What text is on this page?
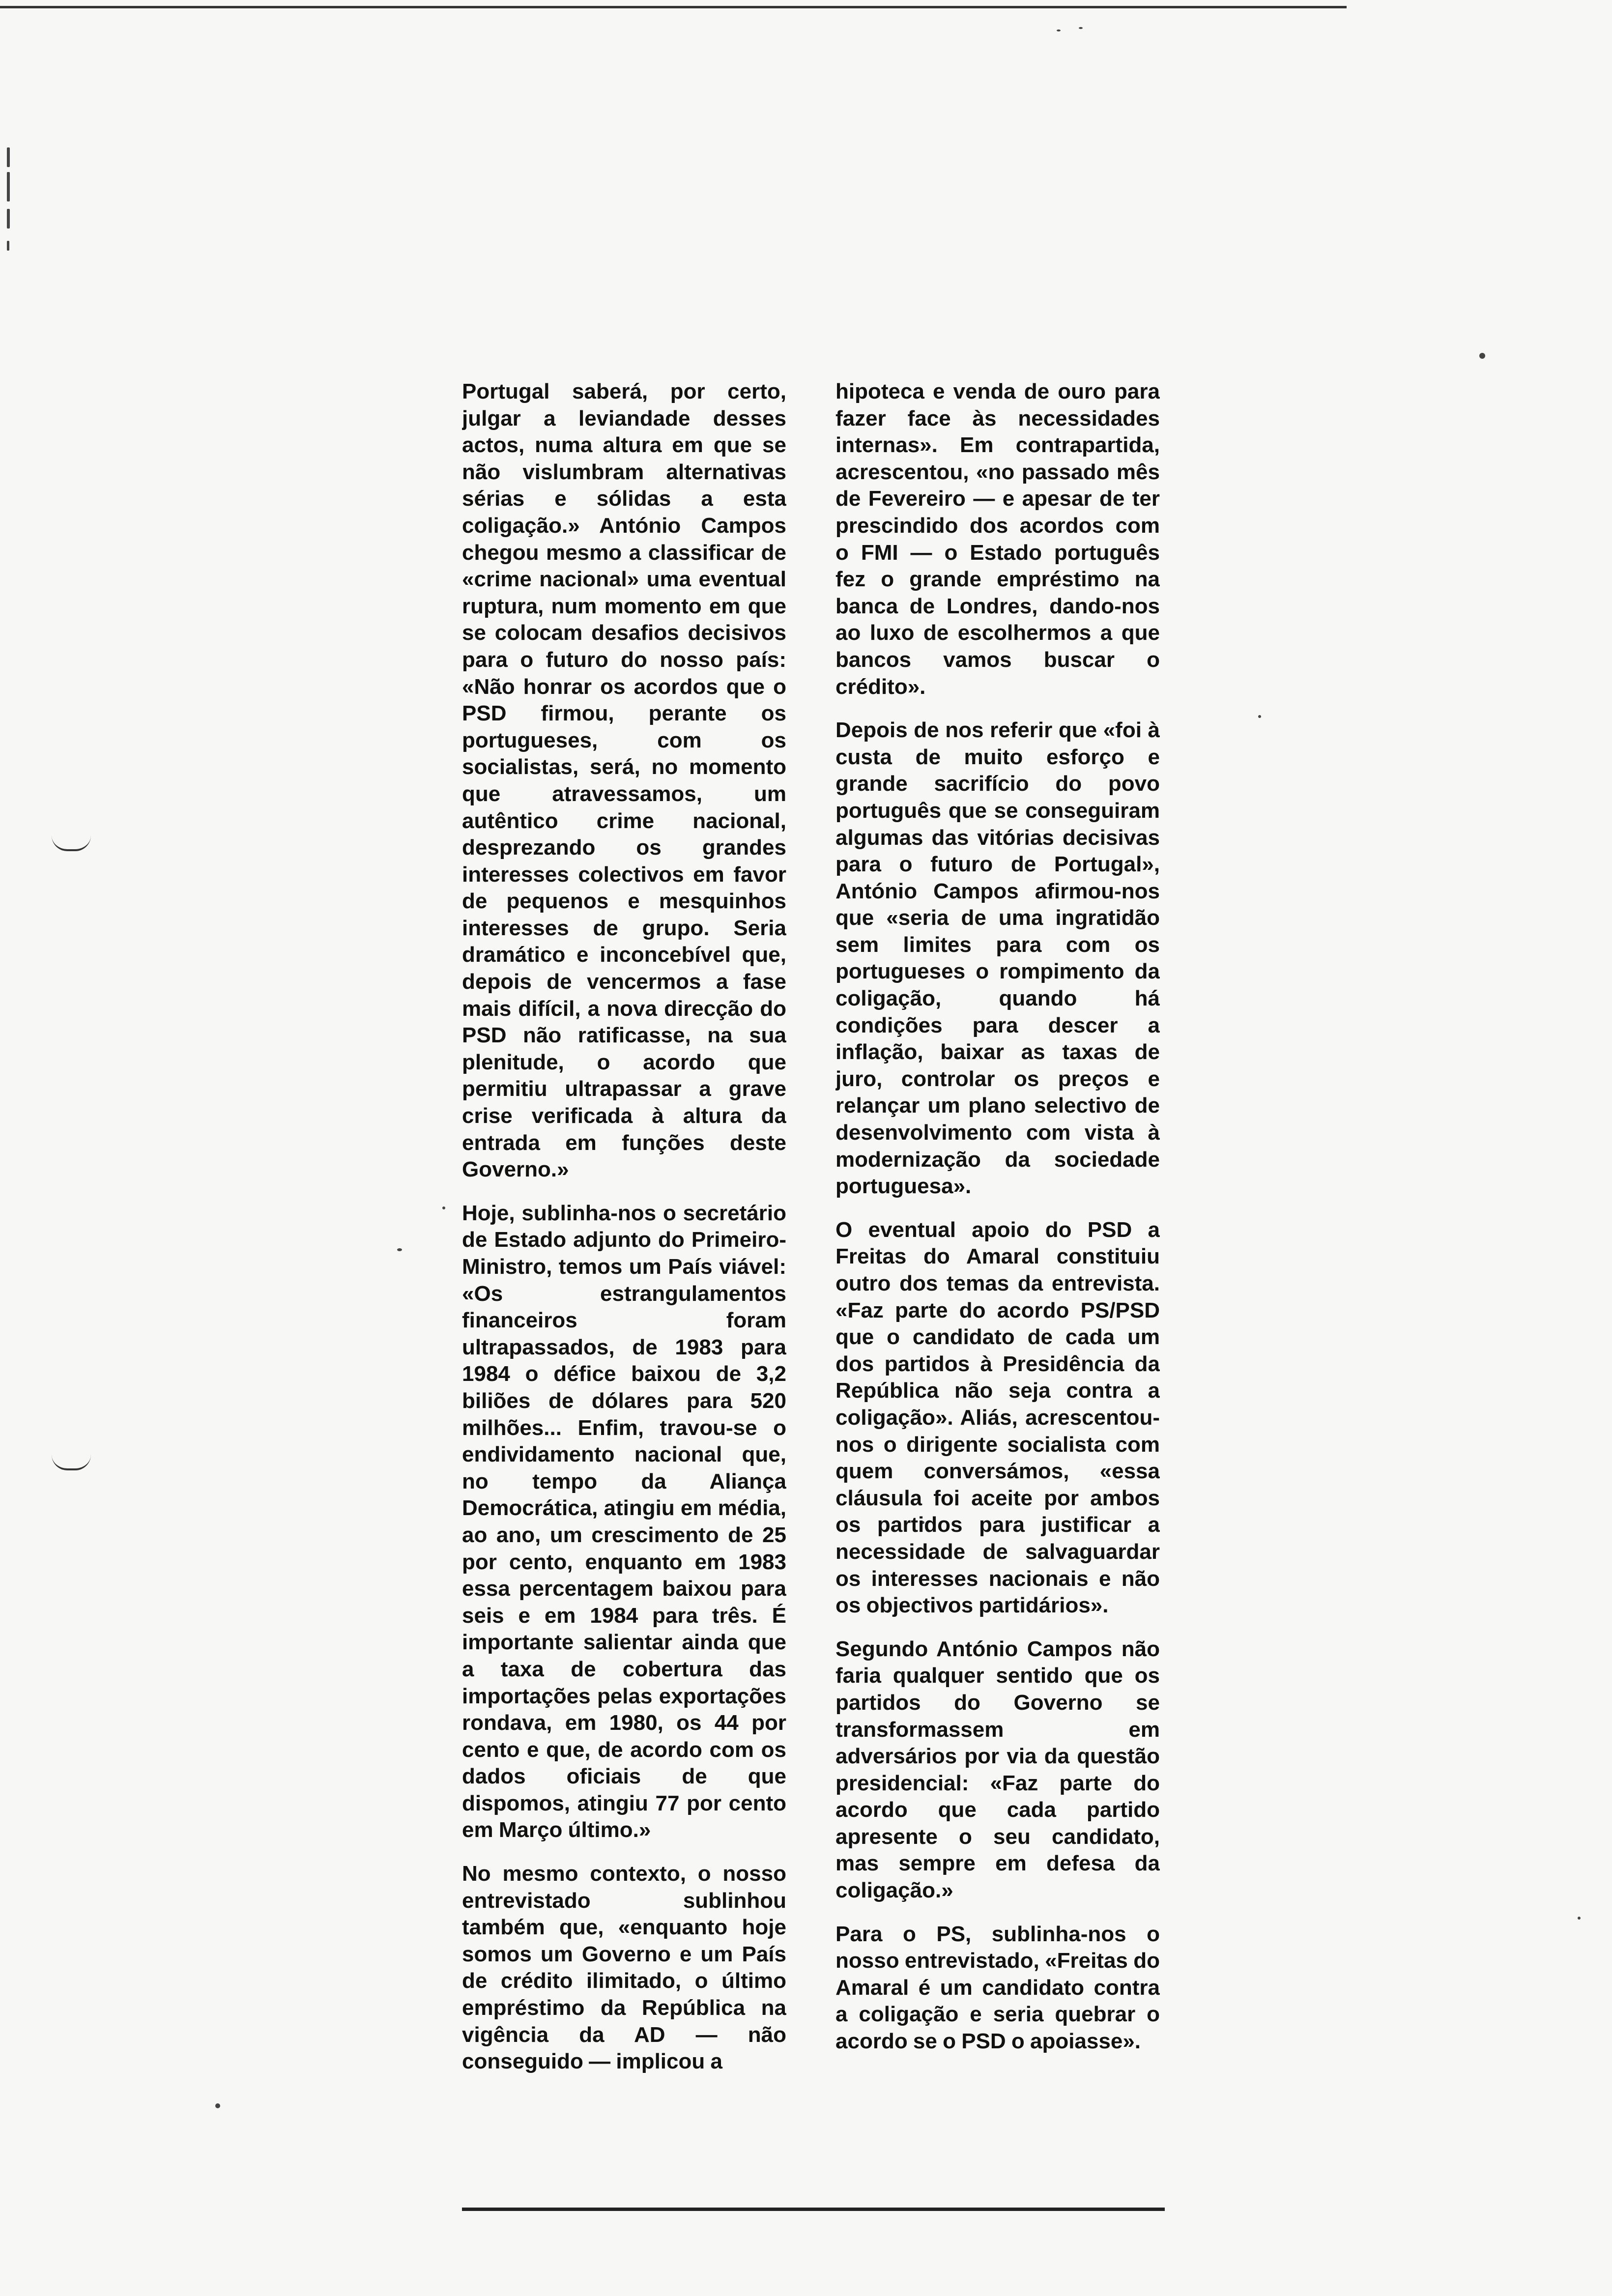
Portugal saberá, por certo, julgar a leviandade desses actos, numa altura em que se não vislumbram alternativas sérias e sólidas a esta coligação.» António Campos chegou mesmo a classificar de «crime nacional» uma eventual ruptura, num momento em que se colocam desafios decisivos para o futuro do nosso país: «Não honrar os acordos que o PSD firmou, perante os portugueses, com os socialistas, será, no momento que atravessamos, um autêntico crime nacional, desprezando os grandes interesses colectivos em favor de pequenos e mesquinhos interesses de grupo. Seria dramático e inconcebível que, depois de vencermos a fase mais difícil, a nova direcção do PSD não ratificasse, na sua plenitude, o acordo que permitiu ultrapassar a grave crise verificada à altura da entrada em funções deste Governo.»

Hoje, sublinha-nos o secretário de Estado adjunto do Primeiro-Ministro, temos um País viável: «Os estrangulamentos financeiros foram ultrapassados, de 1983 para 1984 o défice baixou de 3,2 biliões de dólares para 520 milhões... Enfim, travou-se o endividamento nacional que, no tempo da Aliança Democrática, atingiu em média, ao ano, um crescimento de 25 por cento, enquanto em 1983 essa percentagem baixou para seis e em 1984 para três. É importante salientar ainda que a taxa de cobertura das importações pelas exportações rondava, em 1980, os 44 por cento e que, de acordo com os dados oficiais de que dispomos, atingiu 77 por cento em Março último.»

No mesmo contexto, o nosso entrevistado sublinhou também que, «enquanto hoje somos um Governo e um País de crédito ilimitado, o último empréstimo da República na vigência da AD — não conseguido — implicou a

hipoteca e venda de ouro para fazer face às necessidades internas». Em contrapartida, acrescentou, «no passado mês de Fevereiro — e apesar de ter prescindido dos acordos com o FMI — o Estado português fez o grande empréstimo na banca de Londres, dando-nos ao luxo de escolhermos a que bancos vamos buscar o crédito».

Depois de nos referir que «foi à custa de muito esforço e grande sacrifício do povo português que se conseguiram algumas das vitórias decisivas para o futuro de Portugal», António Campos afirmou-nos que «seria de uma ingratidão sem limites para com os portugueses o rompimento da coligação, quando há condições para descer a inflação, baixar as taxas de juro, controlar os preços e relançar um plano selectivo de desenvolvimento com vista à modernização da sociedade portuguesa».

O eventual apoio do PSD a Freitas do Amaral constituiu outro dos temas da entrevista. «Faz parte do acordo PS/PSD que o candidato de cada um dos partidos à Presidência da República não seja contra a coligação». Aliás, acrescentou-nos o dirigente socialista com quem conversámos, «essa cláusula foi aceite por ambos os partidos para justificar a necessidade de salvaguardar os interesses nacionais e não os objectivos partidários».

Segundo António Campos não faria qualquer sentido que os partidos do Governo se transformassem em adversários por via da questão presidencial: «Faz parte do acordo que cada partido apresente o seu candidato, mas sempre em defesa da coligação.»

Para o PS, sublinha-nos o nosso entrevistado, «Freitas do Amaral é um candidato contra a coligação e seria quebrar o acordo se o PSD o apoiasse».
